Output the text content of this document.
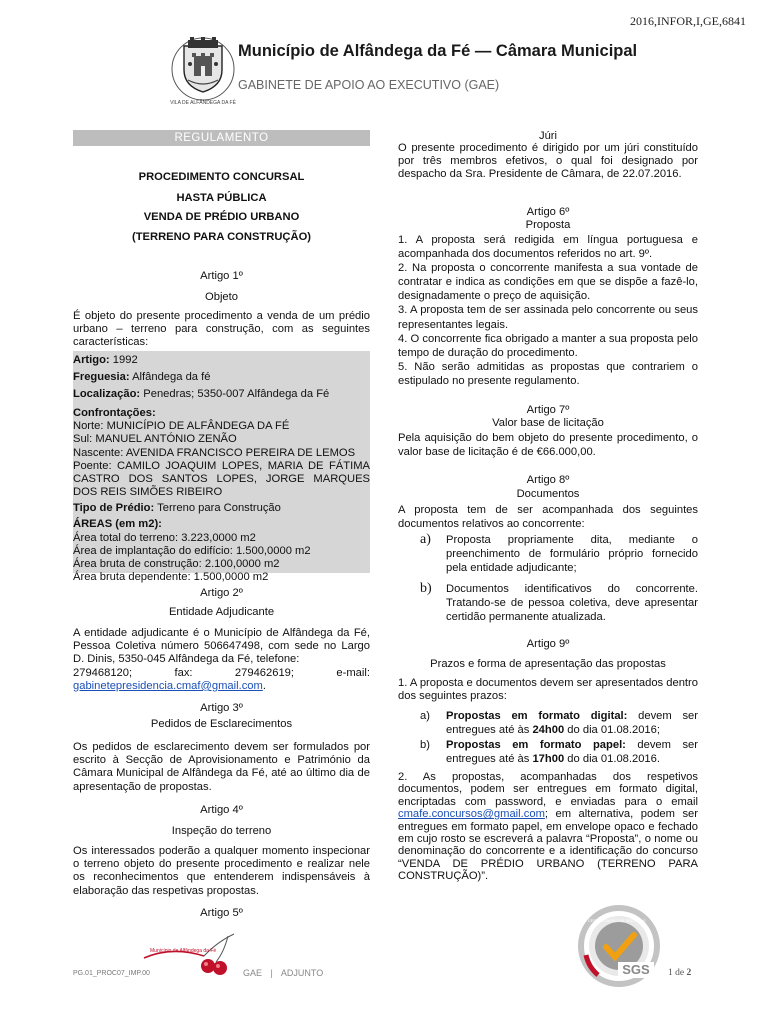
2016,INFOR,I,GE,6841
VILA DE ALFÂNDEGA DA FÉ
Município de Alfândega da Fé — Câmara Municipal
GABINETE DE APOIO AO EXECUTIVO (GAE)
REGULAMENTO
PROCEDIMENTO CONCURSAL
HASTA PÚBLICA
VENDA DE PRÉDIO URBANO
(TERRENO PARA CONSTRUÇÃO)
Artigo 1º
Objeto
É objeto do presente procedimento a venda de um prédio urbano – terreno para construção, com as seguintes características:
Artigo: 1992
Freguesia: Alfândega da fé
Localização: Penedras; 5350-007 Alfândega da Fé
Confrontações:
Norte: MUNICÍPIO DE ALFÂNDEGA DA FÉ
Sul: MANUEL ANTÓNIO ZENÃO
Nascente: AVENIDA FRANCISCO PEREIRA DE LEMOS
Poente: CAMILO JOAQUIM LOPES, MARIA DE FÁTIMA
CASTRO DOS SANTOS LOPES, JORGE MARQUES
DOS REIS SIMÕES RIBEIRO
Tipo de Prédio: Terreno para Construção
ÁREAS (em m2):
Área total do terreno: 3.223,0000 m2
Área de implantação do edifício: 1.500,0000 m2
Área bruta de construção: 2.100,0000 m2
Área bruta dependente: 1.500,0000 m2
Artigo 2º
Entidade Adjudicante
A entidade adjudicante é o Município de Alfândega da Fé, Pessoa Coletiva número 506647498, com sede no Largo D. Dinis, 5350-045 Alfândega da Fé, telefone:
279468120;	fax:	279462619;	e-mail:
gabinetepresidencia.cmaf@gmail.com.
Artigo 3º
Pedidos de Esclarecimentos
Os pedidos de esclarecimento devem ser formulados por escrito à Secção de Aprovisionamento e Património da Câmara Municipal de Alfândega da Fé, até ao último dia de apresentação de propostas.
Artigo 4º
Inspeção do terreno
Os interessados poderão a qualquer momento inspecionar o terreno objeto do presente procedimento e realizar nele os reconhecimentos que entenderem indispensáveis à elaboração das respetivas propostas.
Artigo 5º
Júri
O presente procedimento é dirigido por um júri constituído por três membros efetivos, o qual foi designado por despacho da Sra. Presidente de Câmara, de 22.07.2016.
Artigo 6º
Proposta
1. A proposta será redigida em língua portuguesa e acompanhada dos documentos referidos no art. 9º.
2. Na proposta o concorrente manifesta a sua vontade de contratar e indica as condições em que se dispõe a fazê-lo, designadamente o preço de aquisição.
3. A proposta tem de ser assinada pelo concorrente ou seus representantes legais.
4. O concorrente fica obrigado a manter a sua proposta pelo tempo de duração do procedimento.
5. Não serão admitidas as propostas que contrariem o estipulado no presente regulamento.
Artigo 7º
Valor base de licitação
Pela aquisição do bem objeto do presente procedimento, o valor base de licitação é de €66.000,00.
Artigo 8º
Documentos
A proposta tem de ser acompanhada dos seguintes documentos relativos ao concorrente:
a)	Proposta propriamente dita, mediante o preenchimento de formulário próprio fornecido pela entidade adjudicante;
b)	Documentos identificativos do concorrente. Tratando-se de pessoa coletiva, deve apresentar certidão permanente atualizada.
Artigo 9º
Prazos e forma de apresentação das propostas
1. A proposta e documentos devem ser apresentados dentro dos seguintes prazos:
a)	Propostas em formato digital: devem ser entregues até às 24h00 do dia 01.08.2016;
b)	Propostas em formato papel: devem ser entregues até às 17h00 do dia 01.08.2016.
2. As propostas, acompanhadas dos respetivos documentos, podem ser entregues em formato digital, encriptadas com password, e enviadas para o email cmafe.concursos@gmail.com; em alternativa, podem ser entregues em formato papel, em envelope opaco e fechado em cujo rosto se escreverá a palavra “Proposta”, o nome ou denominação do concorrente e a identificação do concurso “VENDA DE PRÉDIO URBANO (TERRENO PARA CONSTRUÇÃO)”.
Município de Alfândega da Fé
PG.01_PROC07_IMP.00	GAE | ADJUNTO
CERTIFICAÇÃO DE SISTEMAS
SGS	1 de 2
